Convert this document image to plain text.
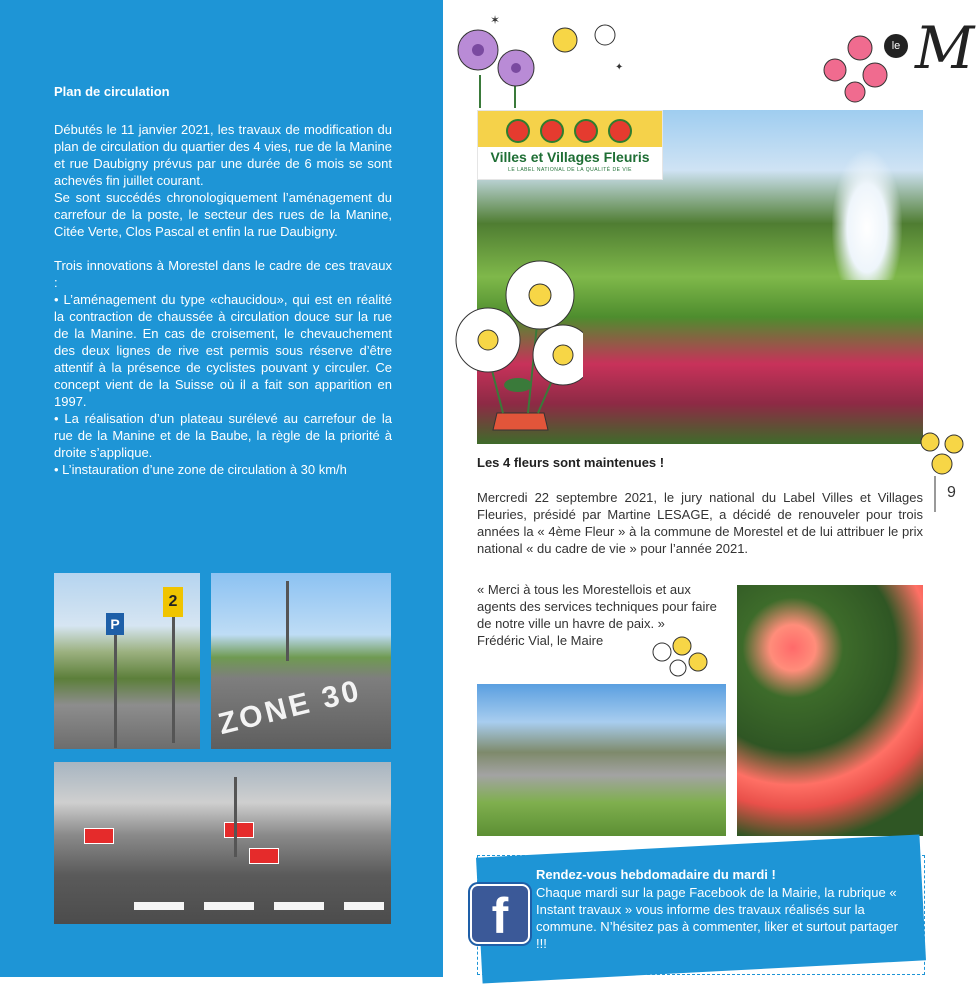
Plan de circulation

Débutés le 11 janvier 2021, les travaux de modification du plan de circulation du quartier des 4 vies, rue de la Manine et rue Daubigny prévus par une durée de 6 mois se sont achevés fin juillet courant.

Se sont succédés chronologiquement l’aménagement du carrefour de la poste, le secteur des rues de la Manine, Citée Verte, Clos Pascal et enfin la rue Daubigny.

Trois innovations à Morestel dans le cadre de ces travaux :

• L’aménagement du type «chaucidou», qui est en réalité la contraction de chaussée à circulation douce sur la rue de la Manine. En cas de croisement, le chevauchement des deux lignes de rive est permis sous réserve d’être attentif à la présence de cyclistes pouvant y circuler. Ce concept vient de la Suisse où il a fait son apparition en 1997.

• La réalisation d’un plateau surélevé au carrefour de la rue de la Manine et de la Baube, la règle de la priorité à droite s’applique.

• L’instauration d’une zone de circulation à 30 km/h

P
2
ZONE 30
✶
✦
le M
Villes et Villages Fleuris
LE LABEL NATIONAL DE LA QUALITÉ DE VIE
Les 4 fleurs sont maintenues !
Mercredi 22 septembre 2021, le jury national du Label Villes et Villages Fleuries, présidé par Martine LESAGE, a décidé de renouveler pour trois années la « 4ème Fleur » à la commune de Morestel et de lui attribuer le prix national « du cadre de vie » pour l’année 2021.
9

« Merci à tous les Morestellois et aux agents des services techniques pour faire de notre ville un havre de paix. »

Frédéric Vial, le Maire

f
Rendez-vous hebdomadaire du mardi !
Chaque mardi sur la page Facebook de la Mairie, la rubrique « Instant travaux » vous informe des travaux réalisés sur la commune. N’hésitez pas à commenter, liker et surtout partager !!!
